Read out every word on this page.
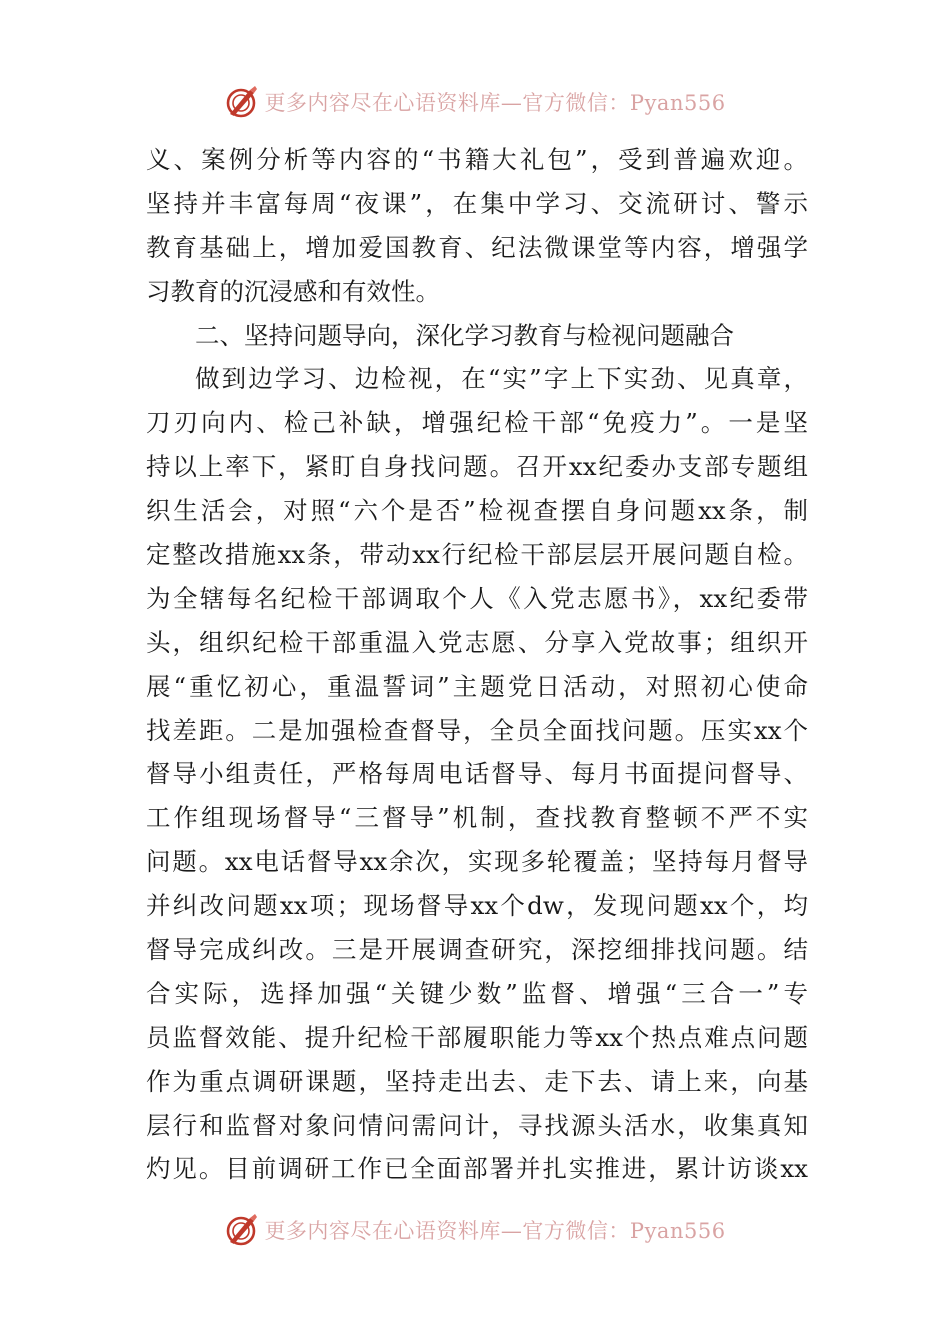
更多内容尽在心语资料库—官方微信：Pyan556
义、案例分析等内容的“书籍大礼包”，受到普遍欢迎。
坚持并丰富每周“夜课”，在集中学习、交流研讨、警示
教育基础上，增加爱国教育、纪法微课堂等内容，增强学
习教育的沉浸感和有效性。
二、坚持问题导向，深化学习教育与检视问题融合
做到边学习、边检视，在“实”字上下实劲、见真章，
刀刃向内、检己补缺，增强纪检干部“免疫力”。一是坚
持以上率下，紧盯自身找问题。召开xx纪委办支部专题组
织生活会，对照“六个是否”检视查摆自身问题xx条，制
定整改措施xx条，带动xx行纪检干部层层开展问题自检。
为全辖每名纪检干部调取个人《入党志愿书》，xx纪委带
头，组织纪检干部重温入党志愿、分享入党故事；组织开
展“重忆初心，重温誓词”主题党日活动，对照初心使命
找差距。二是加强检查督导，全员全面找问题。压实xx个
督导小组责任，严格每周电话督导、每月书面提问督导、
工作组现场督导“三督导”机制，查找教育整顿不严不实
问题。xx电话督导xx余次，实现多轮覆盖；坚持每月督导
并纠改问题xx项；现场督导xx个dw，发现问题xx个，均
督导完成纠改。三是开展调查研究，深挖细排找问题。结
合实际，选择加强“关键少数”监督、增强“三合一”专
员监督效能、提升纪检干部履职能力等xx个热点难点问题
作为重点调研课题，坚持走出去、走下去、请上来，向基
层行和监督对象问情问需问计，寻找源头活水，收集真知
灼见。目前调研工作已全面部署并扎实推进，累计访谈xx
更多内容尽在心语资料库—官方微信：Pyan556
